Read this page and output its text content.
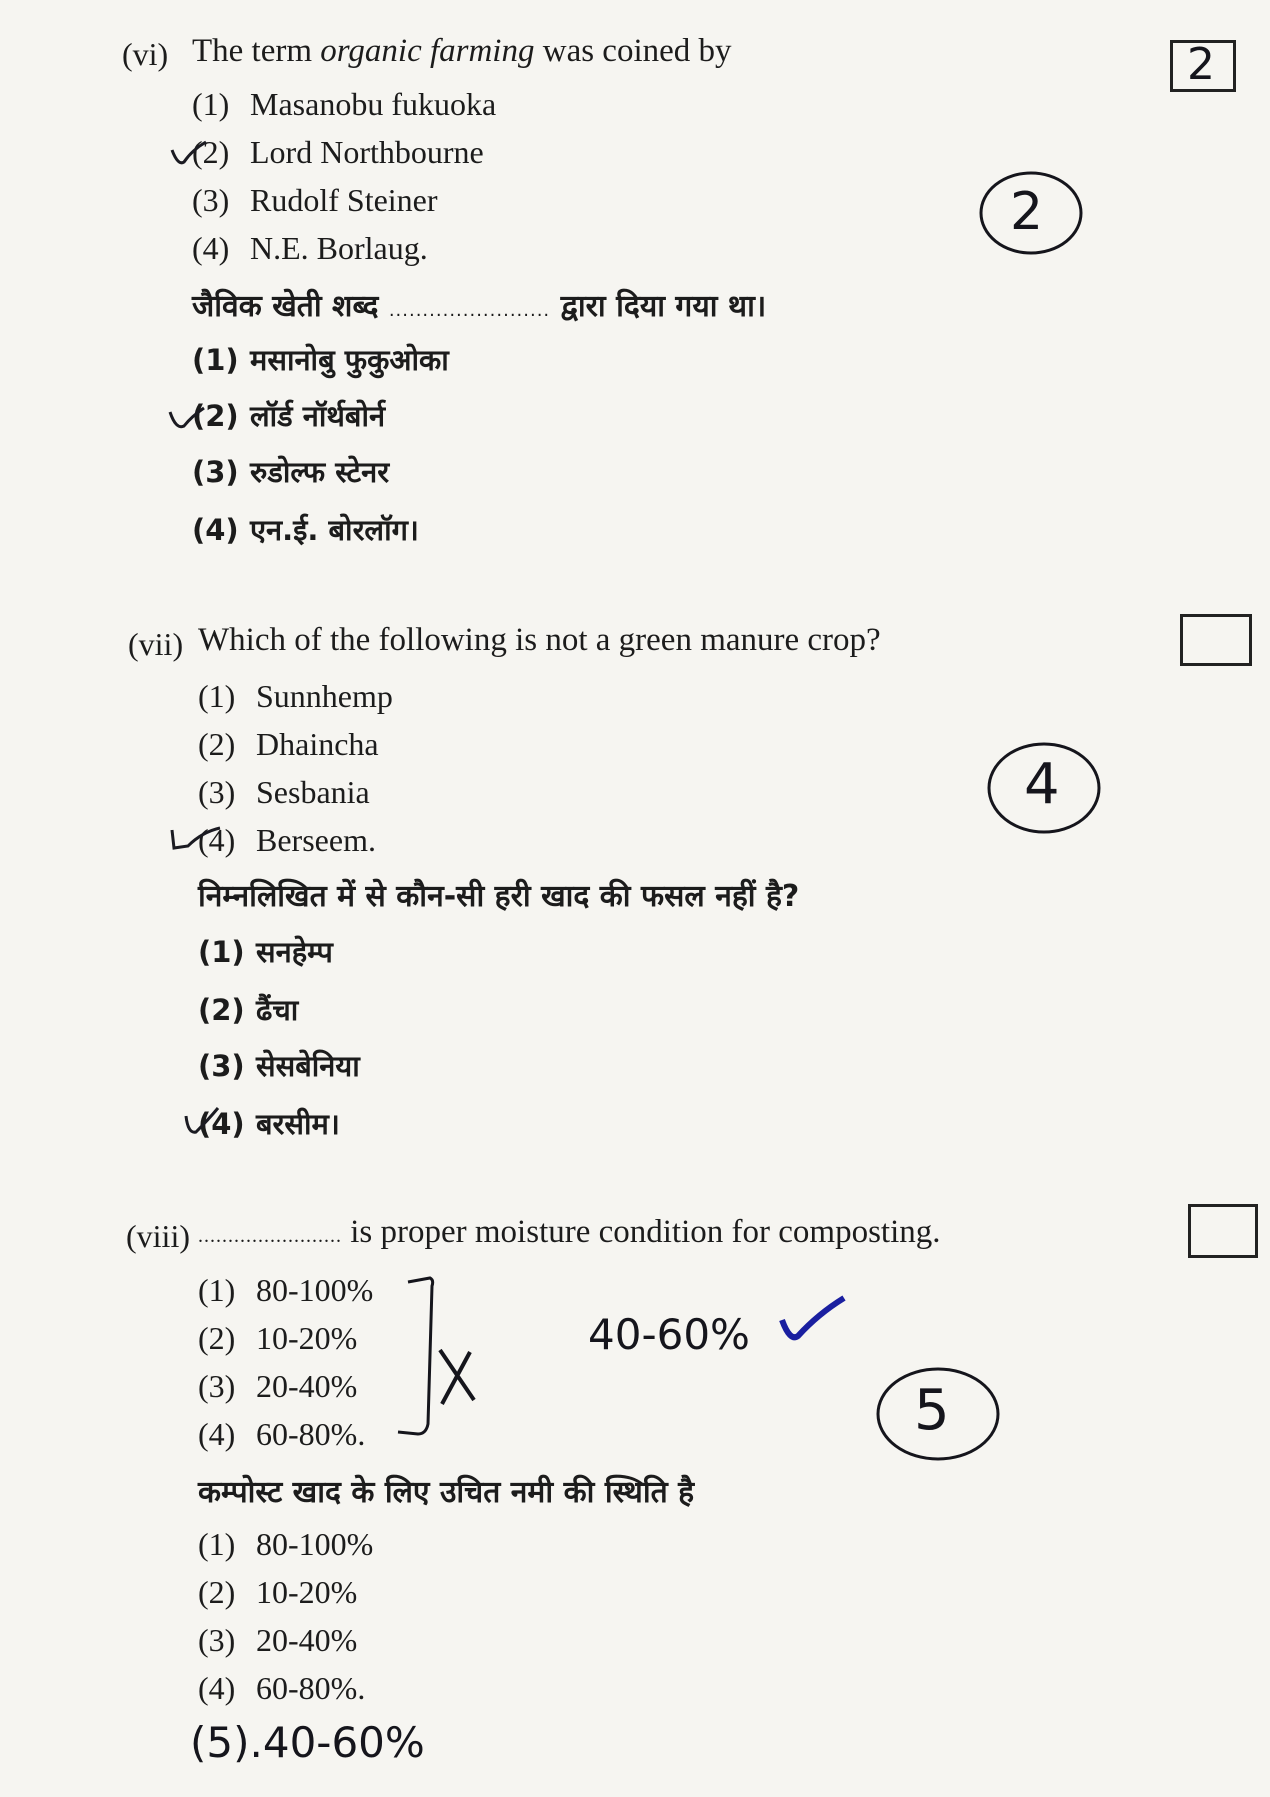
2
(vi) The term organic farming was coined by
(1) Masanobu fukuoka
(2) Lord Northbourne
(3) Rudolf Steiner
(4) N.E. Borlaug.
जैविक खेती शब्द ........................ द्वारा दिया गया था।
(1) मसानोबु फुकुओका
(2) लॉर्ड नॉर्थबोर्न
(3) रुडोल्फ स्टेनर
(4) एन.ई. बोरलॉग।
2
(vii) Which of the following is not a green manure crop?
(1) Sunnhemp
(2) Dhaincha
(3) Sesbania
(4) Berseem.
निम्नलिखित में से कौन-सी हरी खाद की फसल नहीं है?
(1) सनहेम्प
(2) ढैंचा
(3) सेसबेनिया
(4) बरसीम।
4
(viii) ........................ is proper moisture condition for composting.
(1) 80-100%
(2) 10-20%
(3) 20-40%
(4) 60-80%.
40-60%
5
कम्पोस्ट खाद के लिए उचित नमी की स्थिति है
(1) 80-100%
(2) 10-20%
(3) 20-40%
(4) 60-80%.
(5).40-60%
